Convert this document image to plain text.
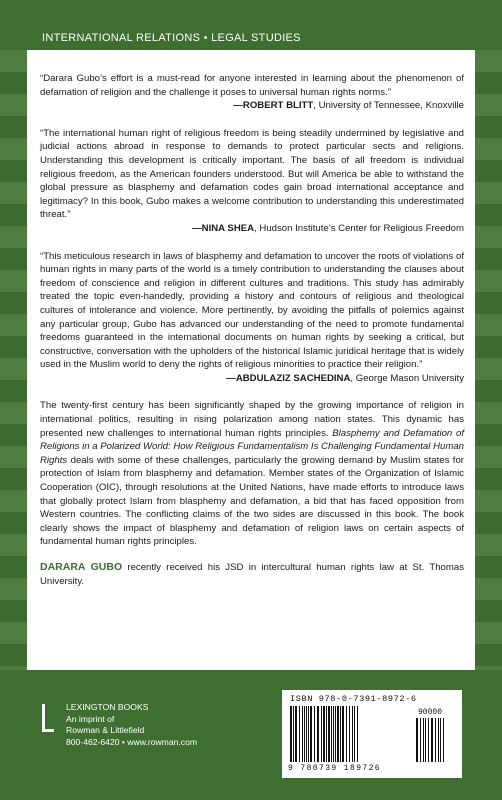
INTERNATIONAL RELATIONS • LEGAL STUDIES

“Darara Gubo’s effort is a must-read for anyone interested in learning about the phenomenon of defamation of religion and the challenge it poses to universal human rights norms.”
—ROBERT BLITT, University of Tennessee, Knoxville

“The international human right of religious freedom is being steadily undermined by legislative and judicial actions abroad in response to demands to protect particular sects and religions. Understanding this development is critically important. The basis of all freedom is individual religious freedom, as the American founders understood. But will America be able to withstand the global pressure as blasphemy and defamation codes gain broad international acceptance and legitimacy? In this book, Gubo makes a welcome contribution to understanding this underestimated threat.”
—NINA SHEA, Hudson Institute’s Center for Religious Freedom

“This meticulous research in laws of blasphemy and defamation to uncover the roots of violations of human rights in many parts of the world is a timely contribution to understanding the clauses about freedom of conscience and religion in different cultures and traditions. This study has admirably treated the topic even-handedly, providing a history and contours of religious and theological cultures of intolerance and violence. More pertinently, by avoiding the pitfalls of polemics against any particular group, Gubo has advanced our understanding of the need to promote fundamental freedoms guaranteed in the international documents on human rights by seeking a critical, but constructive, conversation with the upholders of the historical Islamic juridical heritage that is widely used in the Muslim world to deny the rights of religious minorities to practice their religion.”
—ABDULAZIZ SACHEDINA, George Mason University

The twenty-first century has been significantly shaped by the growing importance of religion in international politics, resulting in rising polarization among nation states. This dynamic has presented new challenges to international human rights principles. Blasphemy and Defamation of Religions in a Polarized World: How Religious Fundamentalism Is Challenging Fundamental Human Rights deals with some of these challenges, particularly the growing demand by Muslim states for protection of Islam from blasphemy and defamation. Member states of the Organization of Islamic Cooperation (OIC), through resolutions at the United Nations, have made efforts to introduce laws that globally protect Islam from blasphemy and defamation, a bid that has faced opposition from Western countries. The conflicting claims of the two sides are discussed in this book. The book clearly shows the impact of blasphemy and defamation of religion laws on certain aspects of fundamental human rights principles.

DARARA GUBO recently received his JSD in intercultural human rights law at St. Thomas University.

LEXINGTON BOOKS
An imprint of
Rowman & Littlefield
800-462-6420 • www.rowman.com
ISBN 978-0-7391-8972-6
90000
9 780739 189726
